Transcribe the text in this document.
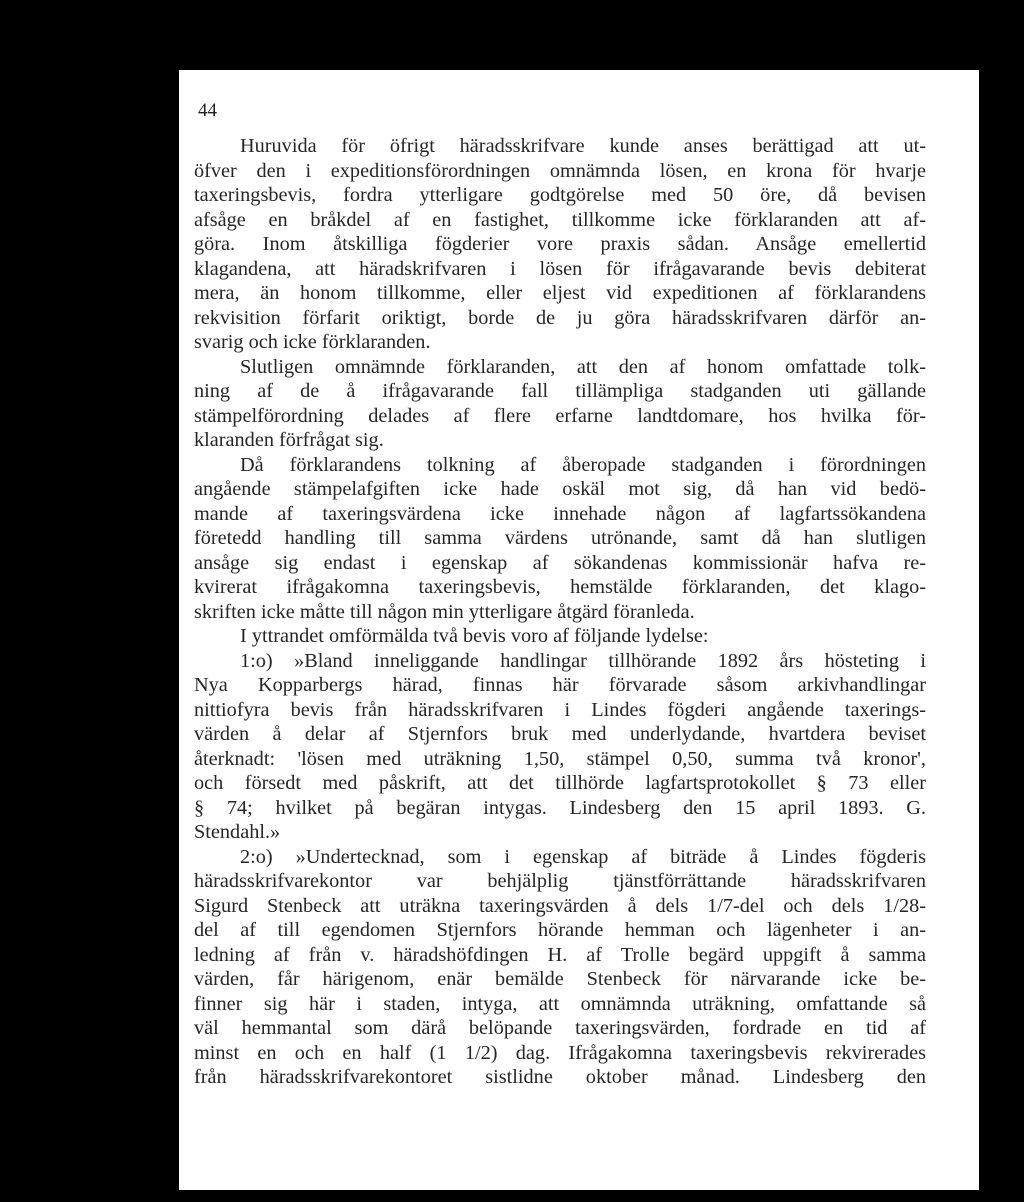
44
Huruvida för öfrigt häradsskrifvare kunde anses berättigad att ut-
öfver den i expeditionsförordningen omnämnda lösen, en krona för hvarje
taxeringsbevis, fordra ytterligare godtgörelse med 50 öre, då bevisen
afsåge en bråkdel af en fastighet, tillkomme icke förklaranden att af-
göra. Inom åtskilliga fögderier vore praxis sådan. Ansåge emellertid
klagandena, att häradskrifvaren i lösen för ifrågavarande bevis debiterat
mera, än honom tillkomme, eller eljest vid expeditionen af förklarandens
rekvisition förfarit oriktigt, borde de ju göra häradsskrifvaren därför an-
svarig och icke förklaranden.
Slutligen omnämnde förklaranden, att den af honom omfattade tolk-
ning af de å ifrågavarande fall tillämpliga stadganden uti gällande
stämpelförordning delades af flere erfarne landtdomare, hos hvilka för-
klaranden förfrågat sig.
Då förklarandens tolkning af åberopade stadganden i förordningen
angående stämpelafgiften icke hade oskäl mot sig, då han vid bedö-
mande af taxeringsvärdena icke innehade någon af lagfartssökandena
företedd handling till samma värdens utrönande, samt då han slutligen
ansåge sig endast i egenskap af sökandenas kommissionär hafva re-
kvirerat ifrågakomna taxeringsbevis, hemstälde förklaranden, det klago-
skriften icke måtte till någon min ytterligare åtgärd föranleda.
I yttrandet omförmälda två bevis voro af följande lydelse:
1:o) »Bland inneliggande handlingar tillhörande 1892 års hösteting i
Nya Kopparbergs härad, finnas här förvarade såsom arkivhandlingar
nittiofyra bevis från häradsskrifvaren i Lindes fögderi angående taxerings-
värden å delar af Stjernfors bruk med underlydande, hvartdera beviset
återknadt: 'lösen med uträkning 1,50, stämpel 0,50, summa två kronor',
och försedt med påskrift, att det tillhörde lagfartsprotokollet § 73 eller
§ 74; hvilket på begäran intygas. Lindesberg den 15 april 1893. G.
Stendahl.»
2:o) »Undertecknad, som i egenskap af biträde å Lindes fögderis
häradsskrifvarekontor var behjälplig tjänstförrättande häradsskrifvaren
Sigurd Stenbeck att uträkna taxeringsvärden å dels 1/7-del och dels 1/28-
del af till egendomen Stjernfors hörande hemman och lägenheter i an-
ledning af från v. häradshöfdingen H. af Trolle begärd uppgift å samma
värden, får härigenom, enär bemälde Stenbeck för närvarande icke be-
finner sig här i staden, intyga, att omnämnda uträkning, omfattande så
väl hemmantal som därå belöpande taxeringsvärden, fordrade en tid af
minst en och en half (1 1/2) dag. Ifrågakomna taxeringsbevis rekvirerades
från häradsskrifvarekontoret sistlidne oktober månad. Lindesberg den
